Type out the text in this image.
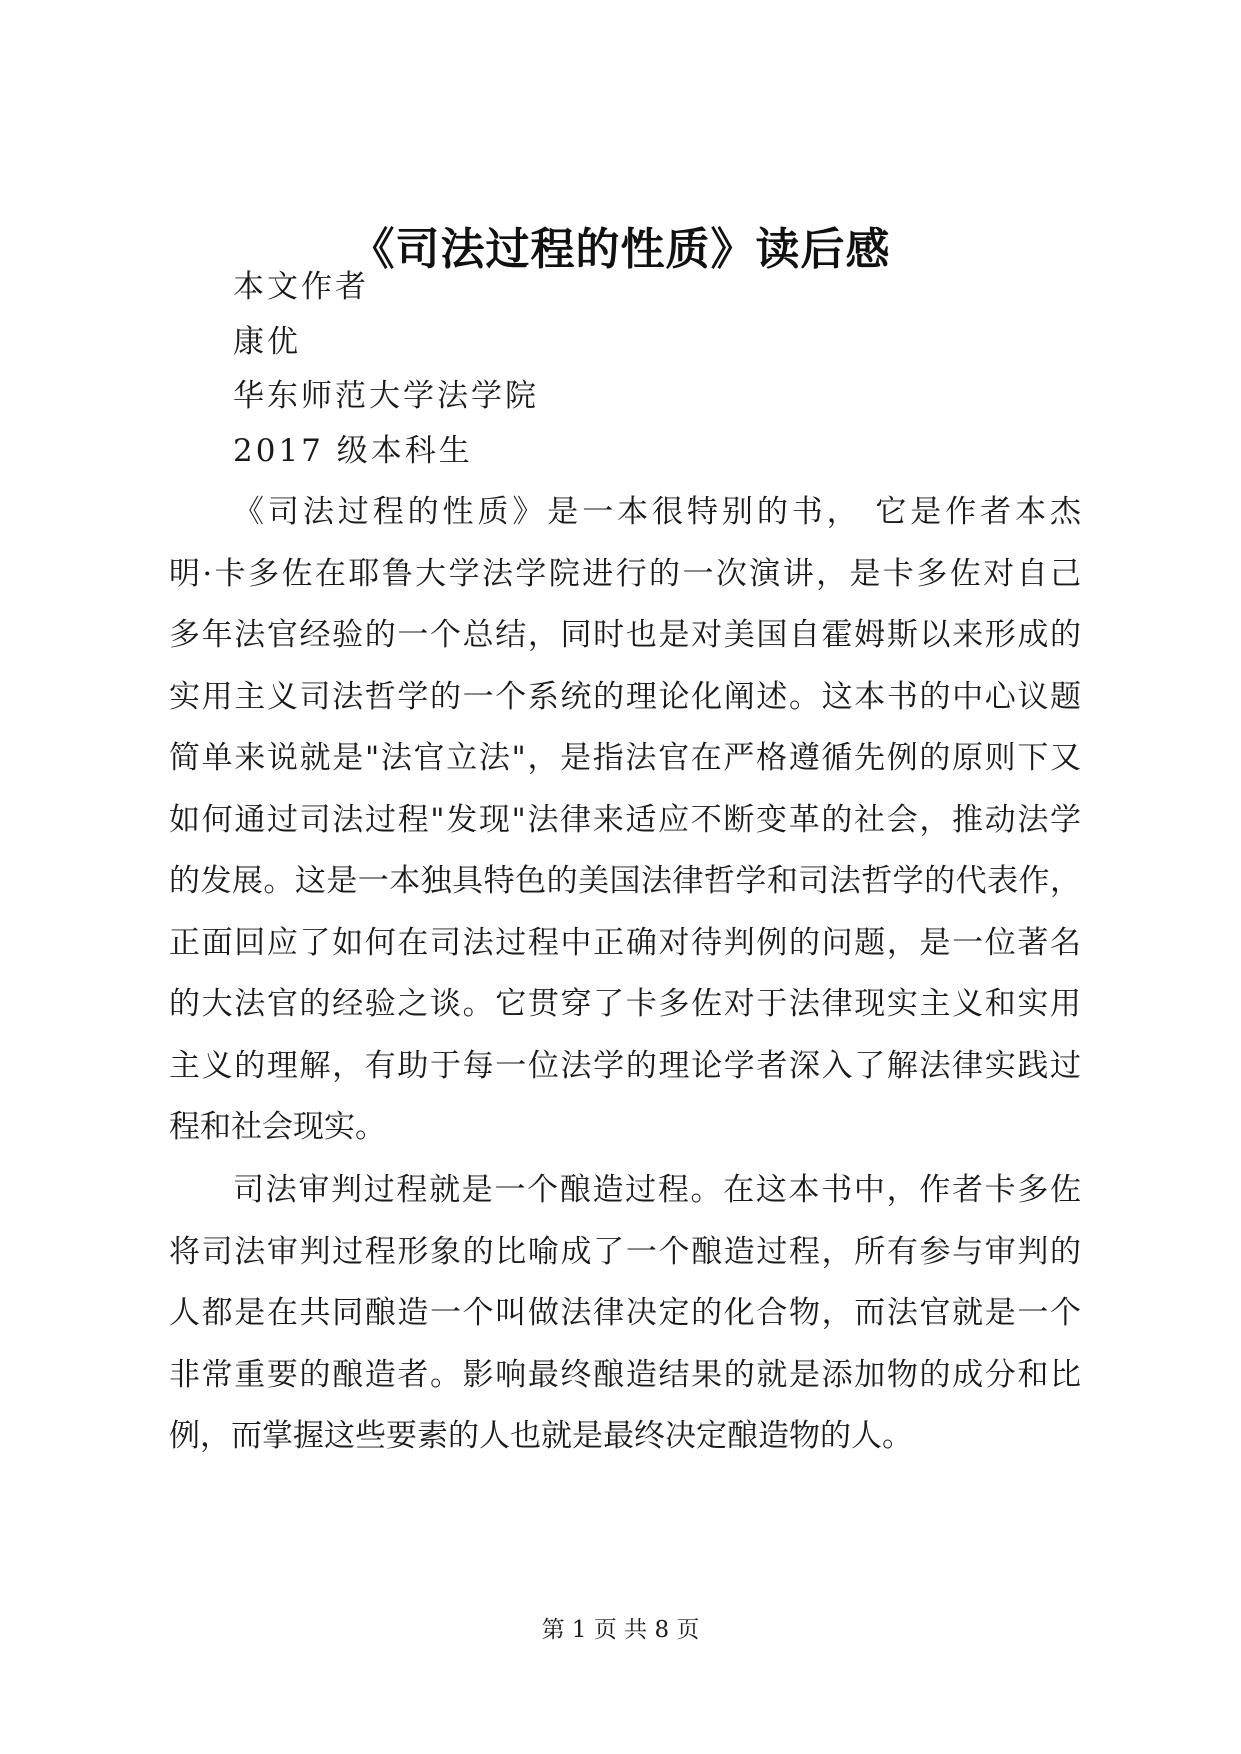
《司法过程的性质》读后感
本文作者
康优
华东师范大学法学院
2017 级本科生
《司法过程的性质》是一本很特别的书， 它是作者本杰
明·卡多佐在耶鲁大学法学院进行的一次演讲，是卡多佐对自己
多年法官经验的一个总结，同时也是对美国自霍姆斯以来形成的
实用主义司法哲学的一个系统的理论化阐述。这本书的中心议题
简单来说就是"法官立法"，是指法官在严格遵循先例的原则下又
如何通过司法过程"发现"法律来适应不断变革的社会，推动法学
的发展。这是一本独具特色的美国法律哲学和司法哲学的代表作，
正面回应了如何在司法过程中正确对待判例的问题，是一位著名
的大法官的经验之谈。它贯穿了卡多佐对于法律现实主义和实用
主义的理解，有助于每一位法学的理论学者深入了解法律实践过
程和社会现实。
司法审判过程就是一个酿造过程。在这本书中，作者卡多佐
将司法审判过程形象的比喻成了一个酿造过程，所有参与审判的
人都是在共同酿造一个叫做法律决定的化合物，而法官就是一个
非常重要的酿造者。影响最终酿造结果的就是添加物的成分和比
例，而掌握这些要素的人也就是最终决定酿造物的人。
第 1 页 共 8 页
